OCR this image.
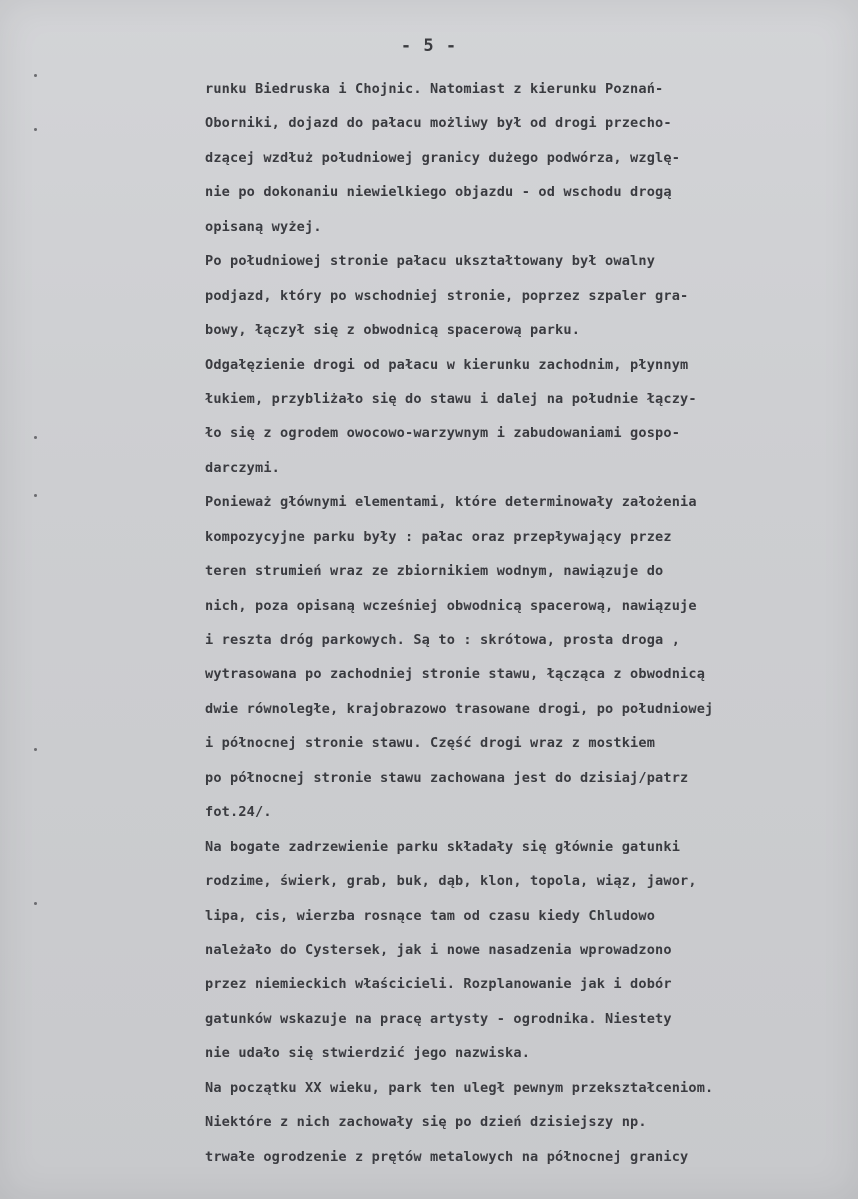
- 5 -
runku Biedruska i Chojnic. Natomiast z kierunku Poznań-
Oborniki, dojazd do pałacu możliwy był od drogi przecho-
dzącej wzdłuż południowej granicy dużego podwórza, wzglę-
nie po dokonaniu niewielkiego objazdu - od wschodu drogą
opisaną wyżej.
Po południowej stronie pałacu ukształtowany był owalny
podjazd, który po wschodniej stronie, poprzez szpaler gra-
bowy, łączył się z obwodnicą spacerową parku.
Odgałęzienie drogi od pałacu w kierunku zachodnim, płynnym
łukiem, przybliżało się do stawu i dalej na południe łączy-
ło się z ogrodem owocowo-warzywnym i zabudowaniami gospo-
darczymi.
Ponieważ głównymi elementami, które determinowały założenia
kompozycyjne parku były : pałac oraz przepływający przez
teren strumień wraz ze zbiornikiem wodnym, nawiązuje do
nich, poza opisaną wcześniej obwodnicą spacerową, nawiązuje
i reszta dróg parkowych. Są to : skrótowa, prosta droga ,
wytrasowana po zachodniej stronie stawu, łącząca z obwodnicą
dwie równoległe, krajobrazowo trasowane drogi, po południowej
i północnej stronie stawu. Część drogi wraz z mostkiem
po północnej stronie stawu zachowana jest do dzisiaj/patrz
fot.24/.
Na bogate zadrzewienie parku składały się głównie gatunki
rodzime, świerk, grab, buk, dąb, klon, topola, wiąz, jawor,
lipa, cis, wierzba rosnące tam od czasu kiedy Chludowo
należało do Cystersek, jak i nowe nasadzenia wprowadzono
przez niemieckich właścicieli. Rozplanowanie jak i dobór
gatunków wskazuje na pracę artysty - ogrodnika. Niestety
nie udało się stwierdzić jego nazwiska.
Na początku XX wieku, park ten uległ pewnym przekształceniom.
Niektóre z nich zachowały się po dzień dzisiejszy np.
trwałe ogrodzenie z prętów metalowych na północnej granicy
